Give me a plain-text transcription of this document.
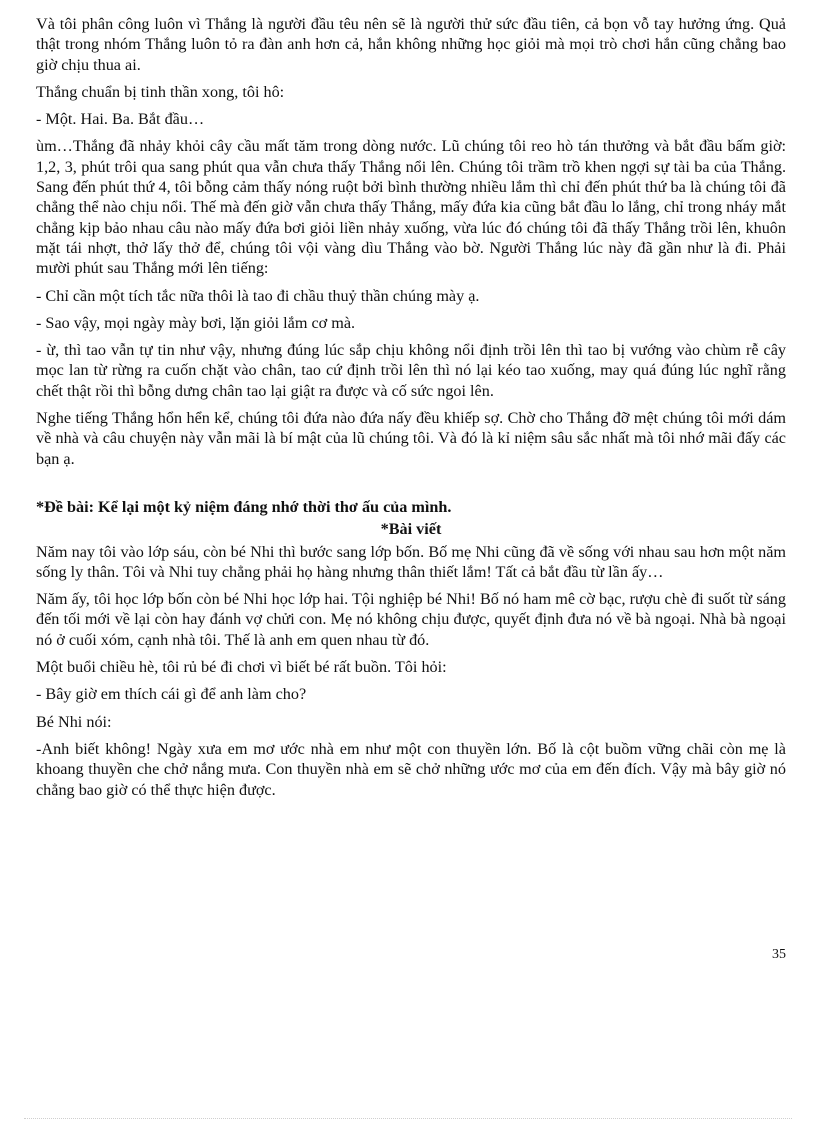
Và tôi phân công luôn vì Thắng là người đầu têu nên sẽ là người thử sức đầu tiên, cả bọn vỗ tay hưởng ứng. Quả thật trong nhóm Thắng luôn tỏ ra đàn anh hơn cả, hắn không những học giỏi mà mọi trò chơi hắn cũng chẳng bao giờ chịu thua ai.

Thắng chuẩn bị tinh thần xong, tôi hô:

- Một. Hai. Ba. Bắt đầu…

ùm…Thắng đã nhảy khỏi cây cầu mất tăm trong dòng nước. Lũ chúng tôi reo hò tán thưởng và bắt đầu bấm giờ: 1,2, 3, phút trôi qua sang phút qua vẫn chưa thấy Thắng nổi lên. Chúng tôi trầm trồ khen ngợi sự tài ba của Thắng. Sang đến phút thứ 4, tôi bỗng cảm thấy nóng ruột bởi bình thường nhiều lắm thì chỉ đến phút thứ ba là chúng tôi đã chẳng thể nào chịu nổi. Thế mà đến giờ vẫn chưa thấy Thắng, mấy đứa kia cũng bắt đầu lo lắng, chỉ trong nháy mắt chẳng kịp bảo nhau câu nào mấy đứa bơi giỏi liền nhảy xuống, vừa lúc đó chúng tôi đã thấy Thắng trồi lên, khuôn mặt tái nhợt, thở lấy thở để, chúng tôi vội vàng dìu Thắng vào bờ. Người Thắng lúc này đã gần như là đi. Phải mười phút sau Thắng mới lên tiếng:

- Chỉ cần một tích tắc nữa thôi là tao đi chầu thuỷ thần chúng mày ạ.

- Sao vậy, mọi ngày mày bơi, lặn giỏi lắm cơ mà.

- ừ, thì tao vẫn tự tin như vậy, nhưng đúng lúc sắp chịu không nổi định trồi lên thì tao bị vướng vào chùm rễ cây mọc lan từ rừng ra cuốn chặt vào chân, tao cứ định trồi lên thì nó lại kéo tao xuống, may quá đúng lúc nghĩ rằng chết thật rồi thì bỗng dưng chân tao lại giật ra được và cố sức ngoi lên.

Nghe tiếng Thắng hổn hển kể, chúng tôi đứa nào đứa nấy đều khiếp sợ. Chờ cho Thắng đỡ mệt chúng tôi mới dám về nhà và câu chuyện này vẫn mãi là bí mật của lũ chúng tôi. Và đó là kỉ niệm sâu sắc nhất mà tôi nhớ mãi đấy các bạn ạ.

*Đề bài: Kể lại một kỷ niệm đáng nhớ thời thơ ấu của mình.

*Bài viết

Năm nay tôi vào lớp sáu, còn bé Nhi thì bước sang lớp bốn. Bố mẹ Nhi cũng đã về sống với nhau sau hơn một năm sống ly thân. Tôi và Nhi tuy chẳng phải họ hàng nhưng thân thiết lắm! Tất cả bắt đầu từ lần ấy…

Năm ấy, tôi học lớp bốn còn bé Nhi học lớp hai. Tội nghiệp bé Nhi! Bố nó ham mê cờ bạc, rượu chè đi suốt từ sáng đến tối mới về lại còn hay đánh vợ chửi con. Mẹ nó không chịu được, quyết định đưa nó về bà ngoại. Nhà bà ngoại nó ở cuối xóm, cạnh nhà tôi. Thế là anh em quen nhau từ đó.

Một buổi chiều hè, tôi rủ bé đi chơi vì biết bé rất buồn. Tôi hỏi:

- Bây giờ em thích cái gì để anh làm cho?

Bé Nhi nói:

-Anh biết không! Ngày xưa em mơ ước nhà em như một con thuyền lớn. Bố là cột buồm vững chãi còn mẹ là khoang thuyền che chở nắng mưa. Con thuyền nhà em sẽ chở những ước mơ của em đến đích. Vậy mà bây giờ nó chẳng bao giờ có thể thực hiện được.

35
